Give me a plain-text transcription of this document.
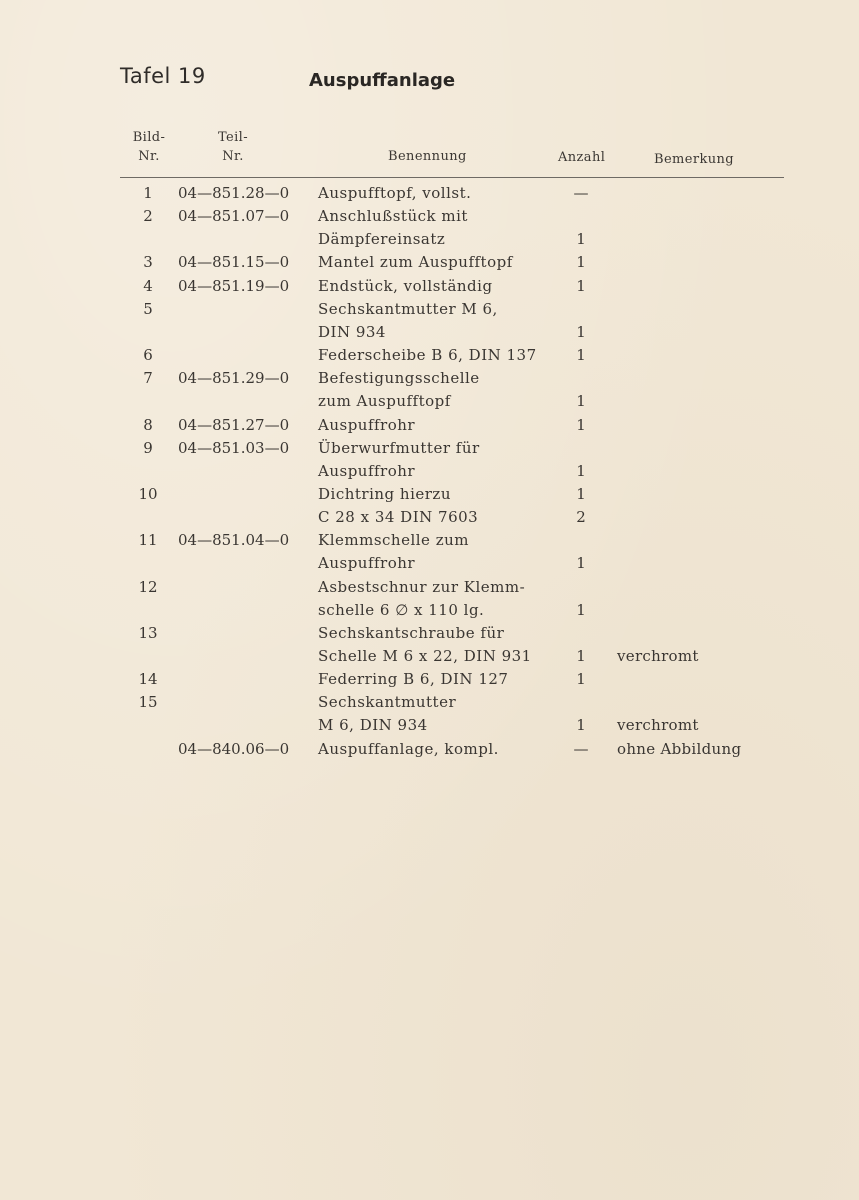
Tafel 19	Auspuffanlage
Bild-
Nr.
Teil-
Nr.	Benennung	Anzahl	Bemerkung
1	04—851.28—0 Auspufftopf, vollst.	—
2	04—851.07—0 Anschlußstück mit
Dämpfereinsatz	1
3	04—851.15—0 Mantel zum Auspufftopf	1
4	04—851.19—0 Endstück, vollständig	1
5	Sechskantmutter M 6,
DIN 934	1
6	Federscheibe B 6, DIN 137	1
7	04—851.29—0 Befestigungsschelle
zum Auspufftopf	1
8	04—851.27—0 Auspuffrohr	1
9	04—851.03—0 Überwurfmutter für
Auspuffrohr	1
10	Dichtring hierzu	1
C 28 x 34 DIN 7603	2
11	04—851.04—0 Klemmschelle zum
Auspuffrohr	1
12	Asbestschnur zur Klemm-
schelle 6 ∅ x 110 lg.	1
13	Sechskantschraube für
Schelle M 6 x 22, DIN 931	1	verchromt
14	Federring B 6, DIN 127	1
15	Sechskantmutter
M 6, DIN 934	1	verchromt
04—840.06—0 Auspuffanlage, kompl.	—	ohne Abbildung
